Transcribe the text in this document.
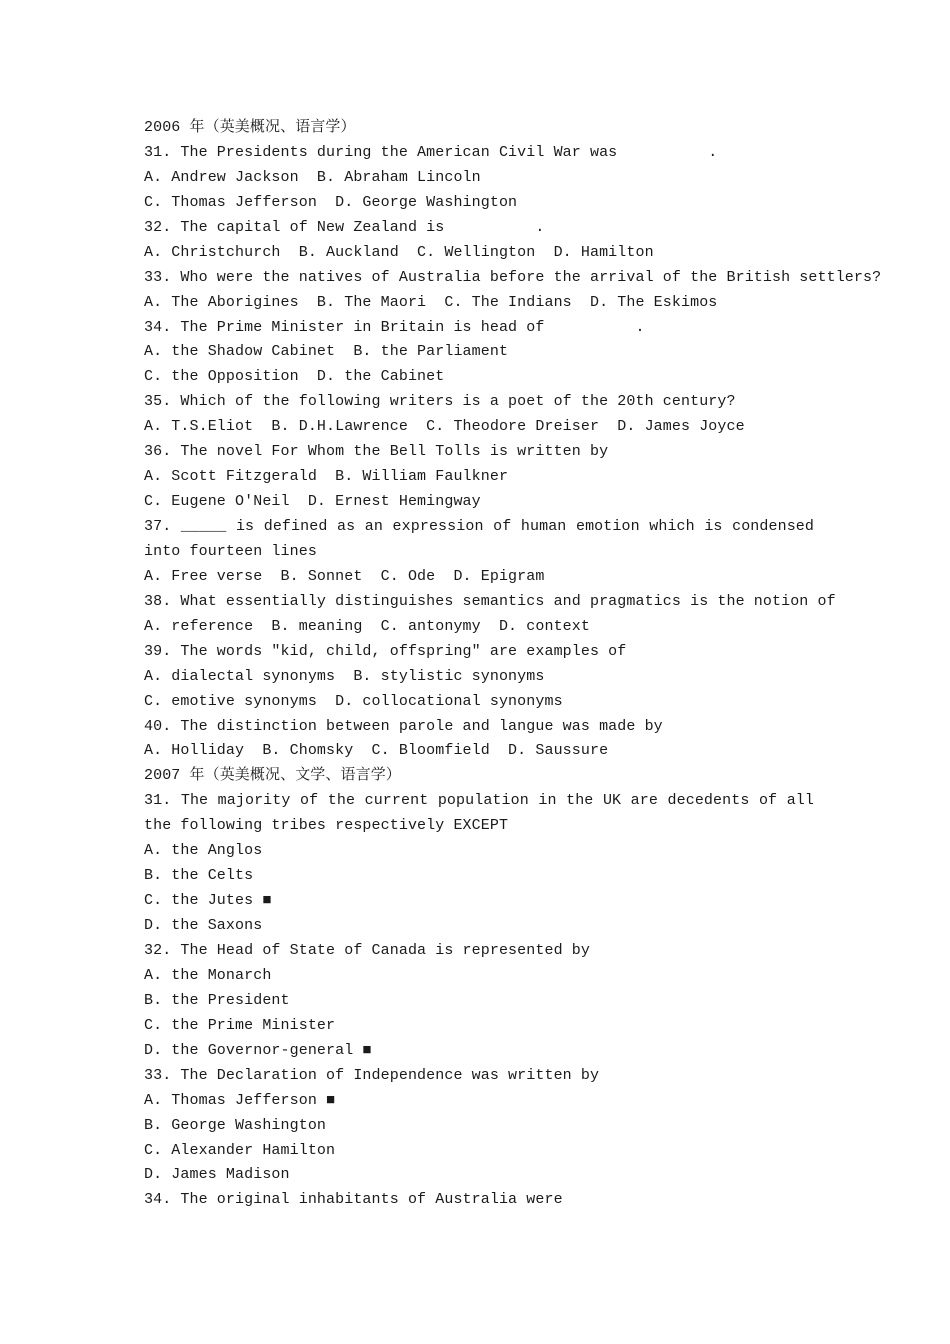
2006 年（英美概况、语言学）
31. The Presidents during the American Civil War was          .
A. Andrew Jackson  B. Abraham Lincoln
C. Thomas Jefferson  D. George Washington
32. The capital of New Zealand is          .
A. Christchurch  B. Auckland  C. Wellington  D. Hamilton
33. Who were the natives of Australia before the arrival of the British settlers?
A. The Aborigines  B. The Maori  C. The Indians  D. The Eskimos
34. The Prime Minister in Britain is head of          .
A. the Shadow Cabinet  B. the Parliament
C. the Opposition  D. the Cabinet
35. Which of the following writers is a poet of the 20th century?
A. T.S.Eliot  B. D.H.Lawrence  C. Theodore Dreiser  D. James Joyce
36. The novel For Whom the Bell Tolls is written by
A. Scott Fitzgerald  B. William Faulkner
C. Eugene O'Neil  D. Ernest Hemingway
37. _____ is defined as an expression of human emotion which is condensed into fourteen lines
A. Free verse  B. Sonnet  C. Ode  D. Epigram
38. What essentially distinguishes semantics and pragmatics is the notion of
A. reference  B. meaning  C. antonymy  D. context
39. The words "kid, child, offspring" are examples of
A. dialectal synonyms  B. stylistic synonyms
C. emotive synonyms  D. collocational synonyms
40. The distinction between parole and langue was made by
A. Holliday  B. Chomsky  C. Bloomfield  D. Saussure
2007 年（英美概况、文学、语言学）
31. The majority of the current population in the UK are decedents of all the following tribes respectively EXCEPT
A. the Anglos
B. the Celts
C. the Jutes ■
D. the Saxons
32. The Head of State of Canada is represented by
A. the Monarch
B. the President
C. the Prime Minister
D. the Governor-general ■
33. The Declaration of Independence was written by
A. Thomas Jefferson ■
B. George Washington
C. Alexander Hamilton
D. James Madison
34. The original inhabitants of Australia were
